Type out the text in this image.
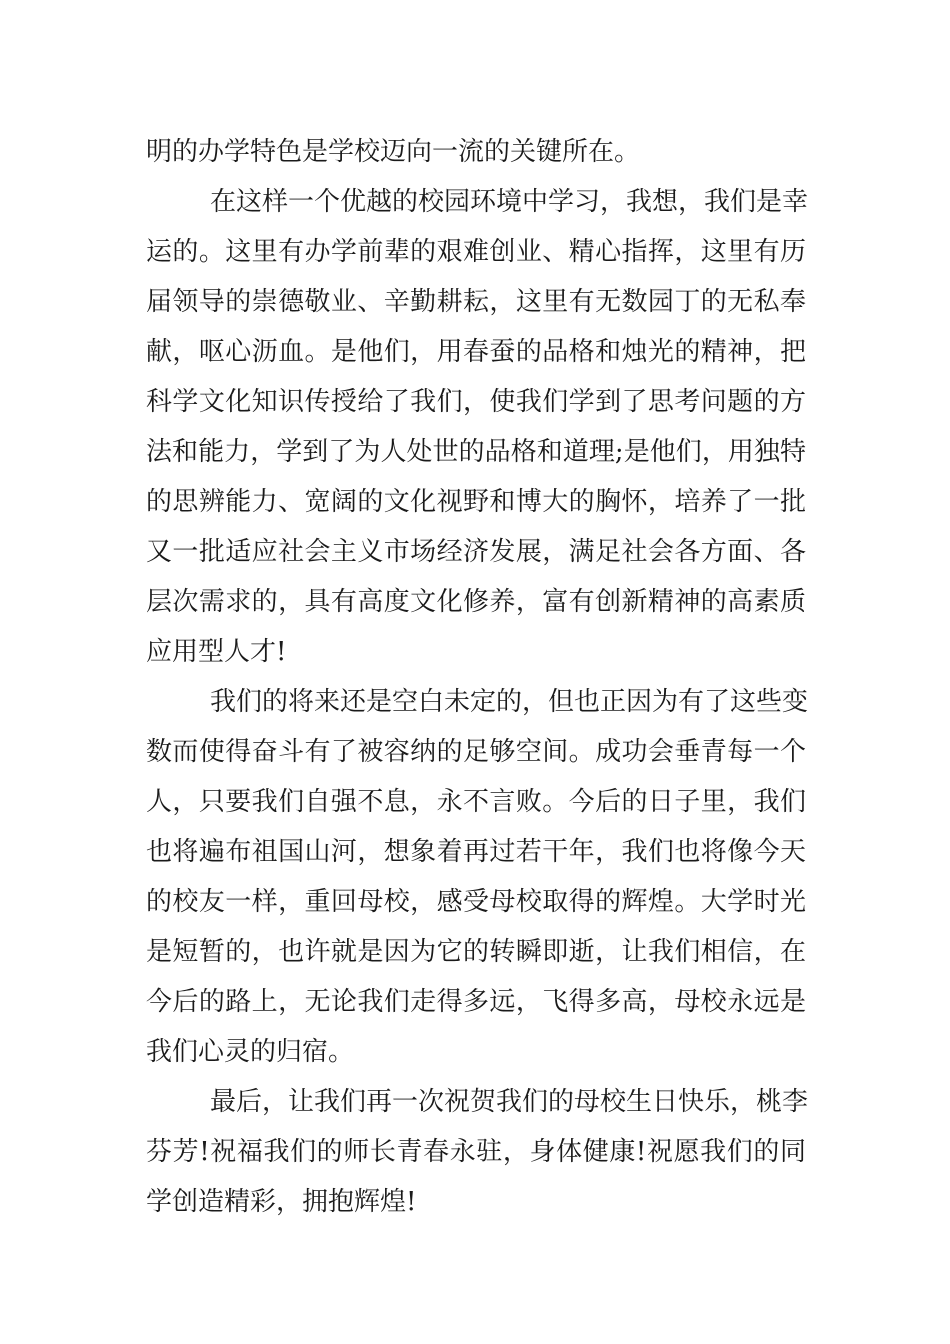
明的办学特色是学校迈向一流的关键所在。
在这样一个优越的校园环境中学习，我想，我们是幸
运的。这里有办学前辈的艰难创业、精心指挥，这里有历
届领导的崇德敬业、辛勤耕耘，这里有无数园丁的无私奉
献，呕心沥血。是他们，用春蚕的品格和烛光的精神，把
科学文化知识传授给了我们，使我们学到了思考问题的方
法和能力，学到了为人处世的品格和道理;是他们，用独特
的思辨能力、宽阔的文化视野和博大的胸怀，培养了一批
又一批适应社会主义市场经济发展，满足社会各方面、各
层次需求的，具有高度文化修养，富有创新精神的高素质
应用型人才!
我们的将来还是空白未定的，但也正因为有了这些变
数而使得奋斗有了被容纳的足够空间。成功会垂青每一个
人，只要我们自强不息，永不言败。今后的日子里，我们
也将遍布祖国山河，想象着再过若干年，我们也将像今天
的校友一样，重回母校，感受母校取得的辉煌。大学时光
是短暂的，也许就是因为它的转瞬即逝，让我们相信，在
今后的路上，无论我们走得多远，飞得多高，母校永远是
我们心灵的归宿。
最后，让我们再一次祝贺我们的母校生日快乐，桃李
芬芳!祝福我们的师长青春永驻，身体健康!祝愿我们的同
学创造精彩，拥抱辉煌!
